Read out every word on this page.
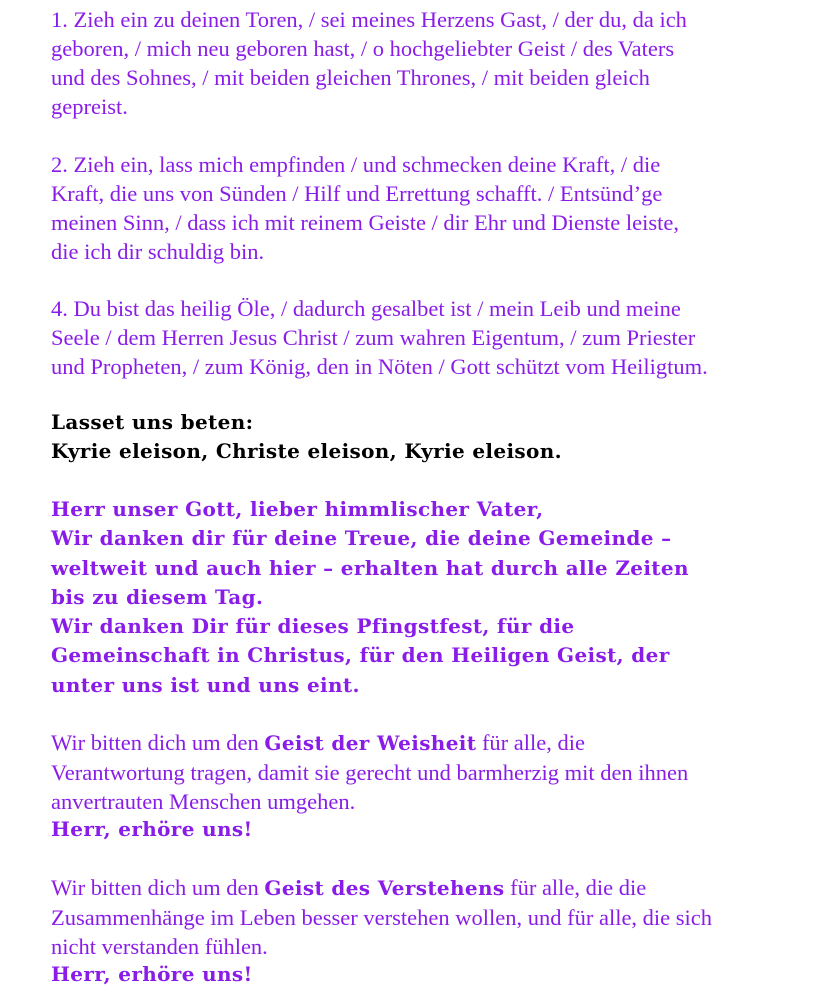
1. Zieh ein zu deinen Toren, / sei meines Herzens Gast, / der du, da ich
geboren, / mich neu geboren hast, / o hochgeliebter Geist / des Vaters
und des Sohnes, / mit beiden gleichen Thrones, / mit beiden gleich
gepreist.

2. Zieh ein, lass mich empfinden / und schmecken deine Kraft, / die
Kraft, die uns von Sünden / Hilf und Errettung schafft. / Entsünd’ge
meinen Sinn, / dass ich mit reinem Geiste / dir Ehr und Dienste leiste,
die ich dir schuldig bin.

4. Du bist das heilig Öle, / dadurch gesalbet ist / mein Leib und meine
Seele / dem Herren Jesus Christ / zum wahren Eigentum, / zum Priester
und Propheten, / zum König, den in Nöten / Gott schützt vom Heiligtum.

Lasset uns beten:
Kyrie eleison, Christe eleison, Kyrie eleison.

Herr unser Gott, lieber himmlischer Vater,
Wir danken dir für deine Treue, die deine Gemeinde –
weltweit und auch hier – erhalten hat durch alle Zeiten
bis zu diesem Tag.
Wir danken Dir für dieses Pfingstfest, für die
Gemeinschaft in Christus, für den Heiligen Geist, der
unter uns ist und uns eint.

Wir bitten dich um den Geist der Weisheit für alle, die
Verantwortung tragen, damit sie gerecht und barmherzig mit den ihnen
anvertrauten Menschen umgehen.

Herr, erhöre uns!

Wir bitten dich um den Geist des Verstehens für alle, die die
Zusammenhänge im Leben besser verstehen wollen, und für alle, die sich
nicht verstanden fühlen.

Herr, erhöre uns!
